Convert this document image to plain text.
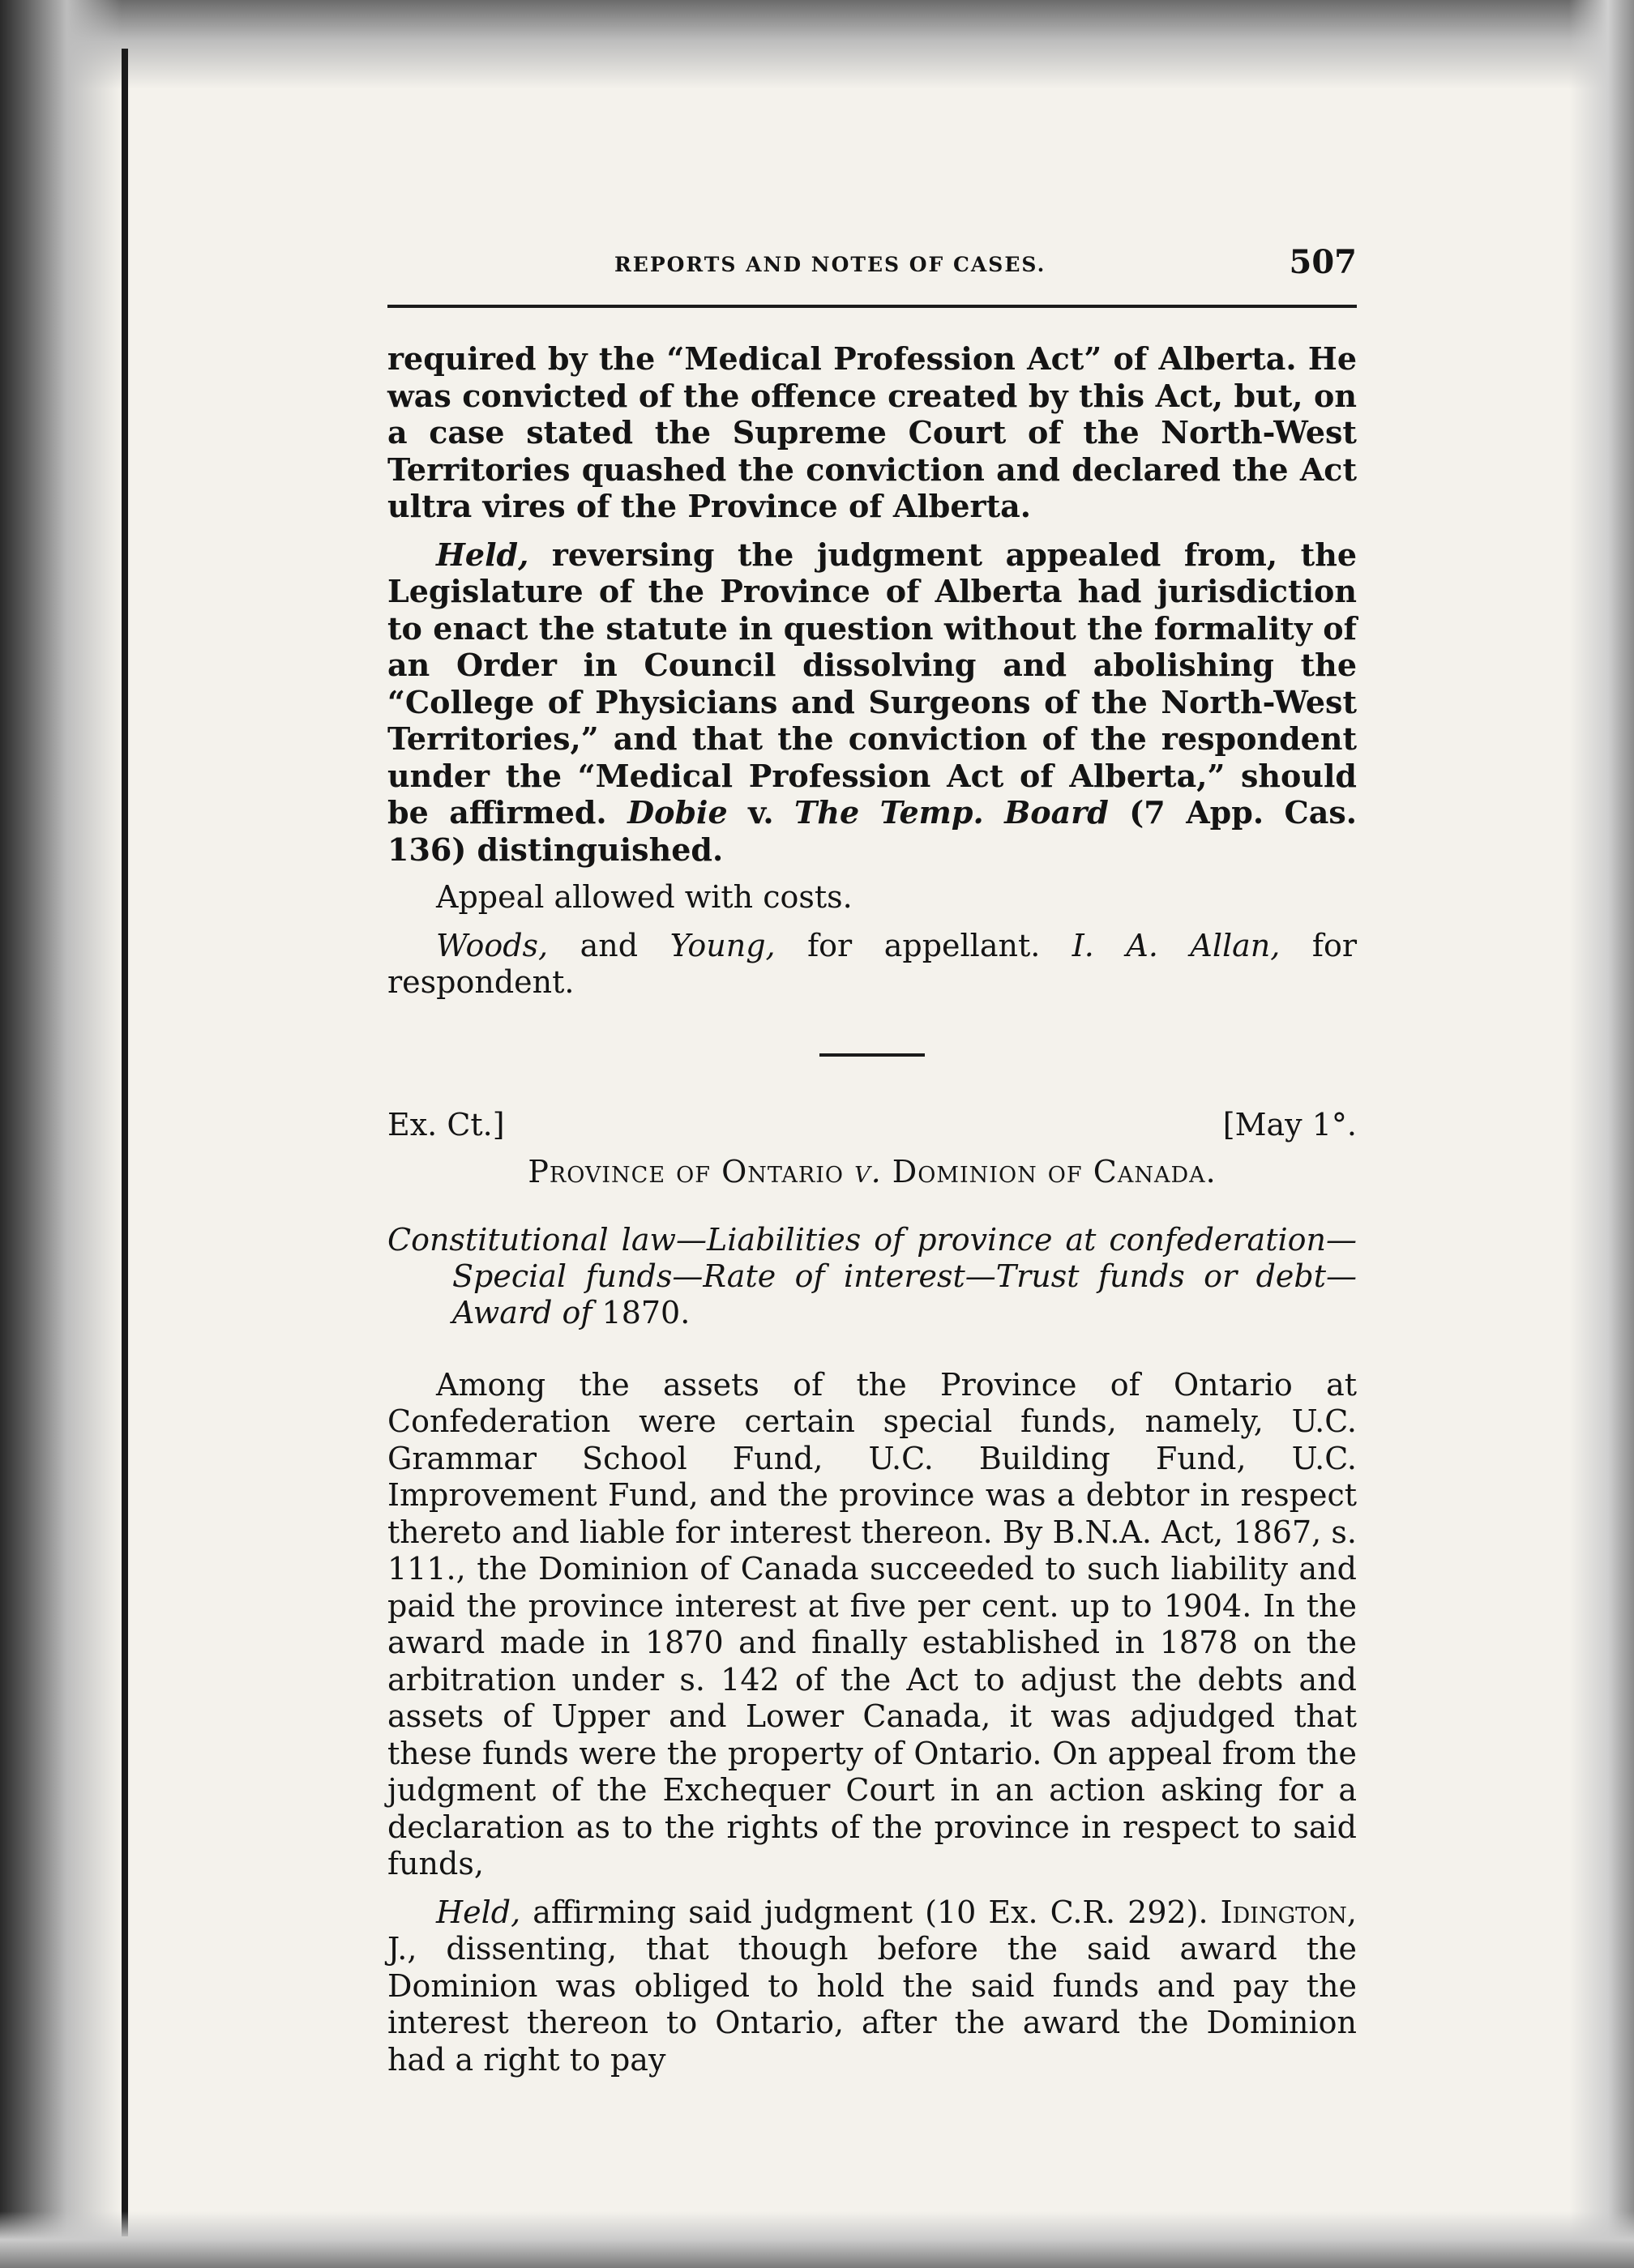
REPORTS AND NOTES OF CASES.	507

required by the “Medical Profession Act” of Alberta. He was convicted of the offence created by this Act, but, on a case stated the Supreme Court of the North-West Territories quashed the conviction and declared the Act ultra vires of the Province of Alberta.

Held, reversing the judgment appealed from, the Legislature of the Province of Alberta had jurisdiction to enact the statute in question without the formality of an Order in Council dissolving and abolishing the “College of Physicians and Surgeons of the North-West Territories,” and that the conviction of the respondent under the “Medical Profession Act of Alberta,” should be affirmed. Dobie v. The Temp. Board (7 App. Cas. 136) distinguished.

Appeal allowed with costs.

Woods, and Young, for appellant. I. A. Allan, for respondent.

Ex. Ct.]	[May 1°.
Province of Ontario v. Dominion of Canada.
Constitutional law—Liabilities of province at confederation—Special funds—Rate of interest—Trust funds or debt—Award of 1870.

Among the assets of the Province of Ontario at Confederation were certain special funds, namely, U.C. Grammar School Fund, U.C. Building Fund, U.C. Improvement Fund, and the province was a debtor in respect thereto and liable for interest thereon. By B.N.A. Act, 1867, s. 111., the Dominion of Canada succeeded to such liability and paid the province interest at five per cent. up to 1904. In the award made in 1870 and finally established in 1878 on the arbitration under s. 142 of the Act to adjust the debts and assets of Upper and Lower Canada, it was adjudged that these funds were the property of Ontario. On appeal from the judgment of the Exchequer Court in an action asking for a declaration as to the rights of the province in respect to said funds,

Held, affirming said judgment (10 Ex. C.R. 292). Idington, J., dissenting, that though before the said award the Dominion was obliged to hold the said funds and pay the interest thereon to Ontario, after the award the Dominion had a right to pay
